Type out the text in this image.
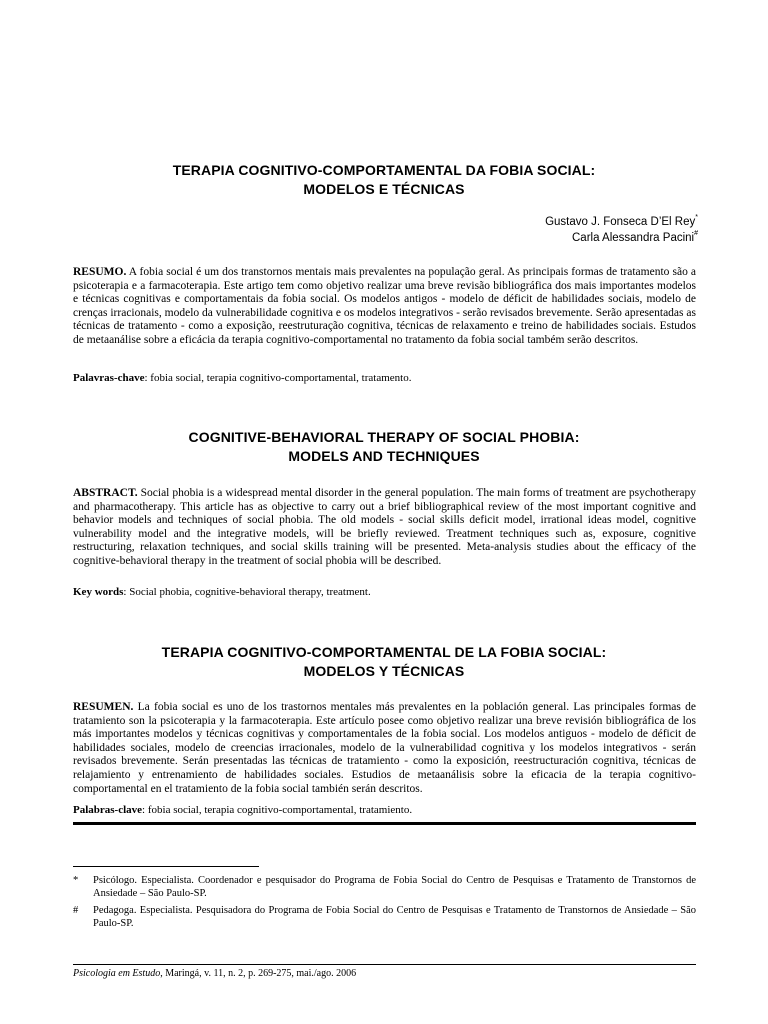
TERAPIA COGNITIVO-COMPORTAMENTAL DA FOBIA SOCIAL:
MODELOS E TÉCNICAS
Gustavo J. Fonseca D’El Rey*
Carla Alessandra Pacini#

RESUMO. A fobia social é um dos transtornos mentais mais prevalentes na população geral. As principais formas de tratamento são a psicoterapia e a farmacoterapia. Este artigo tem como objetivo realizar uma breve revisão bibliográfica dos mais importantes modelos e técnicas cognitivas e comportamentais da fobia social. Os modelos antigos - modelo de déficit de habilidades sociais, modelo de crenças irracionais, modelo da vulnerabilidade cognitiva e os modelos integrativos - serão revisados brevemente. Serão apresentadas as técnicas de tratamento - como a exposição, reestruturação cognitiva, técnicas de relaxamento e treino de habilidades sociais. Estudos de metaanálise sobre a eficácia da terapia cognitivo-comportamental no tratamento da fobia social também serão descritos.

Palavras-chave: fobia social, terapia cognitivo-comportamental, tratamento.
COGNITIVE-BEHAVIORAL THERAPY OF SOCIAL PHOBIA:
MODELS AND TECHNIQUES

ABSTRACT. Social phobia is a widespread mental disorder in the general population. The main forms of treatment are psychotherapy and pharmacotherapy. This article has as objective to carry out a brief bibliographical review of the most important cognitive and behavior models and techniques of social phobia. The old models - social skills deficit model, irrational ideas model, cognitive vulnerability model and the integrative models, will be briefly reviewed. Treatment techniques such as, exposure, cognitive restructuring, relaxation techniques, and social skills training will be presented. Meta-analysis studies about the efficacy of the cognitive-behavioral therapy in the treatment of social phobia will be described.

Key words: Social phobia, cognitive-behavioral therapy, treatment.
TERAPIA COGNITIVO-COMPORTAMENTAL DE LA FOBIA SOCIAL:
MODELOS Y TÉCNICAS

RESUMEN. La fobia social es uno de los trastornos mentales más prevalentes en la población general. Las principales formas de tratamiento son la psicoterapia y la farmacoterapia. Este artículo posee como objetivo realizar una breve revisión bibliográfica de los más importantes modelos y técnicas cognitivas y comportamentales de la fobia social. Los modelos antiguos - modelo de déficit de habilidades sociales, modelo de creencias irracionales, modelo de la vulnerabilidad cognitiva y los modelos integrativos - serán revisados brevemente. Serán presentadas las técnicas de tratamiento - como la exposición, reestructuración cognitiva, técnicas de relajamiento y entrenamiento de habilidades sociales. Estudios de metaanálisis sobre la eficacia de la terapia cognitivo-comportamental en el tratamiento de la fobia social también serán descritos.

Palabras-clave: fobia social, terapia cognitivo-comportamental, tratamiento.
*	Psicólogo. Especialista. Coordenador e pesquisador do Programa de Fobia Social do Centro de Pesquisas e Tratamento de Transtornos de Ansiedade – São Paulo-SP.
#	Pedagoga. Especialista. Pesquisadora do Programa de Fobia Social do Centro de Pesquisas e Tratamento de Transtornos de Ansiedade – São Paulo-SP.
Psicologia em Estudo, Maringá, v. 11, n. 2, p. 269-275, mai./ago. 2006
